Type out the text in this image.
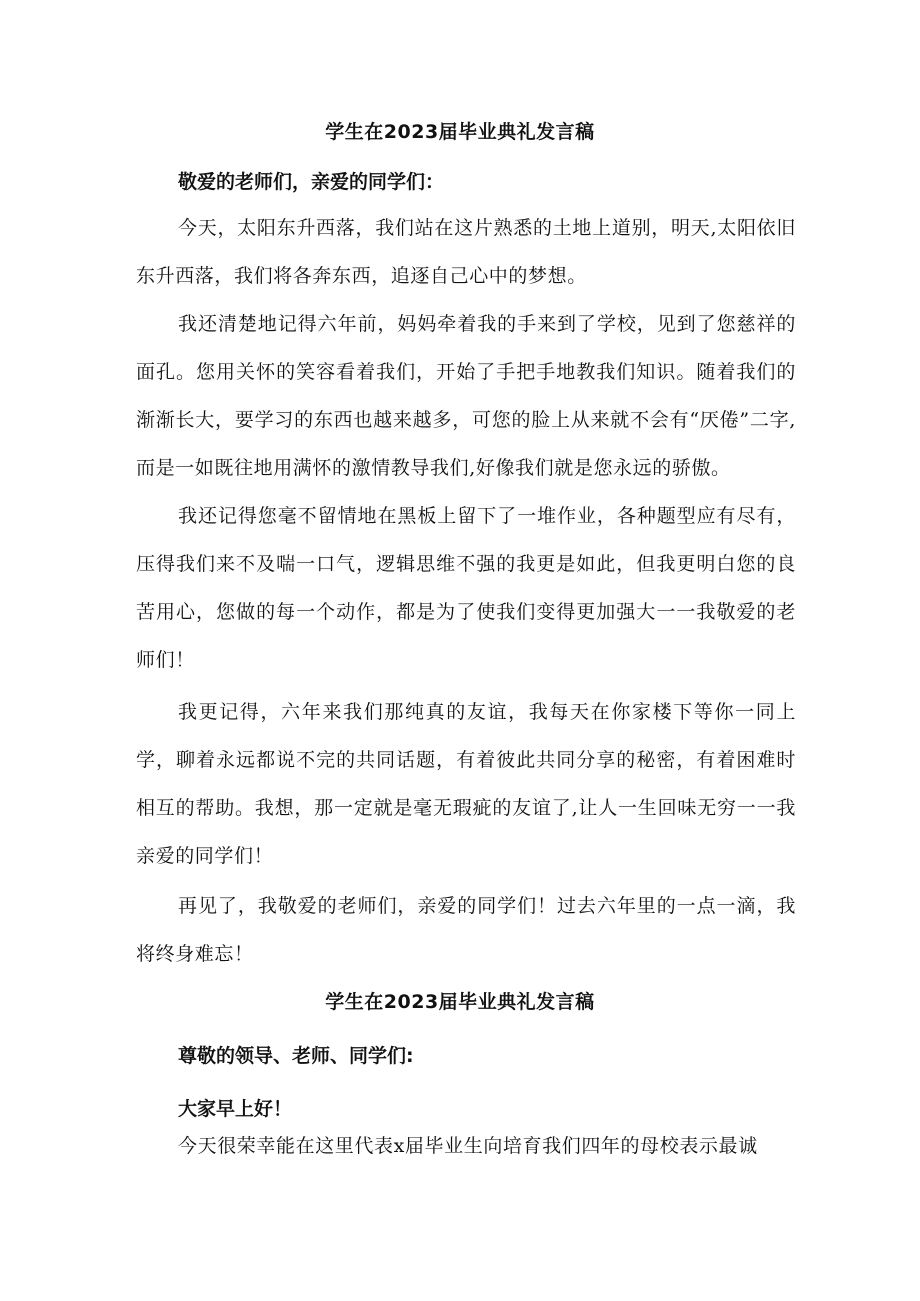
学生在2023届毕业典礼发言稿
敬爱的老师们，亲爱的同学们：

今天，太阳东升西落，我们站在这片熟悉的土地上道别，明天,太阳依旧东升西落，我们将各奔东西，追逐自己心中的梦想。

我还清楚地记得六年前，妈妈牵着我的手来到了学校，见到了您慈祥的面孔。您用关怀的笑容看着我们，开始了手把手地教我们知识。随着我们的渐渐长大，要学习的东西也越来越多，可您的脸上从来就不会有“厌倦”二字,而是一如既往地用满怀的激情教导我们,好像我们就是您永远的骄傲。

我还记得您毫不留情地在黑板上留下了一堆作业，各种题型应有尽有，压得我们来不及喘一口气，逻辑思维不强的我更是如此，但我更明白您的良苦用心，您做的每一个动作，都是为了使我们变得更加强大一一我敬爱的老师们！

我更记得，六年来我们那纯真的友谊，我每天在你家楼下等你一同上学，聊着永远都说不完的共同话题，有着彼此共同分享的秘密，有着困难时相互的帮助。我想，那一定就是毫无瑕疵的友谊了,让人一生回味无穷一一我亲爱的同学们！

再见了，我敬爱的老师们，亲爱的同学们！过去六年里的一点一滴，我将终身难忘！

学生在2023届毕业典礼发言稿
尊敬的领导、老师、同学们:
大家早上好！

今天很荣幸能在这里代表x届毕业生向培育我们四年的母校表示最诚
